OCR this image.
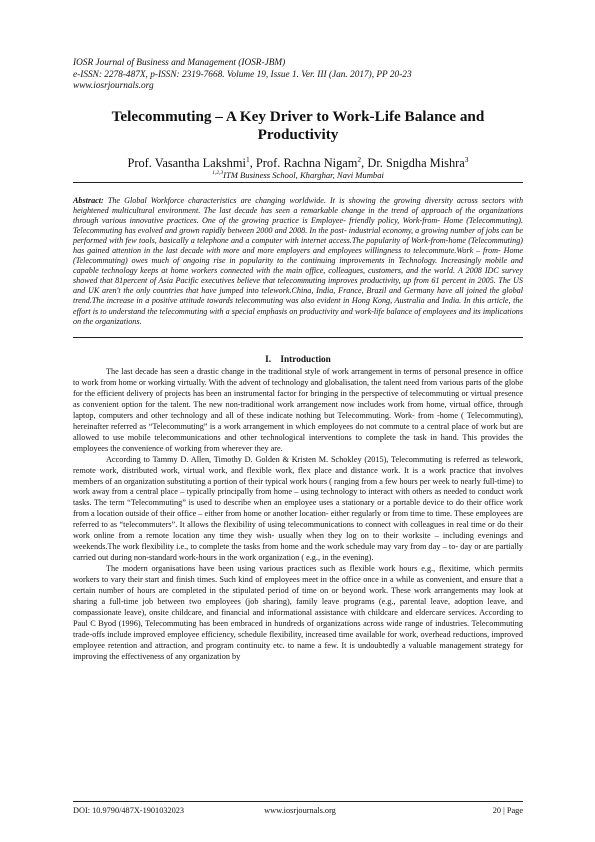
IOSR Journal of Business and Management (IOSR-JBM)
e-ISSN: 2278-487X, p-ISSN: 2319-7668. Volume 19, Issue 1. Ver. III (Jan. 2017), PP 20-23
www.iosrjournals.org
Telecommuting – A Key Driver to Work-Life Balance and Productivity
Prof. Vasantha Lakshmi$^1$, Prof. Rachna Nigam$^2$, Dr. Snigdha Mishra$^3$
$^{1,2,3}$ITM Business School, Kharghar, Navi Mumbai
Abstract: The Global Workforce characteristics are changing worldwide. It is showing the growing diversity across sectors with heightened multicultural environment. The last decade has seen a remarkable change in the trend of approach of the organizations through various innovative practices. One of the growing practice is Employee- friendly policy, Work-from- Home (Telecommuting). Telecommuting has evolved and grown rapidly between 2000 and 2008. In the post- industrial economy, a growing number of jobs can be performed with few tools, basically a telephone and a computer with internet access.The popularity of Work-from-home (Telecommuting) has gained attention in the last decade with more and more employers and employees willingness to telecommute.Work – from- Home (Telecommuting) owes much of ongoing rise in popularity to the continuing improvements in Technology. Increasingly mobile and capable technology keeps at home workers connected with the main office, colleagues, customers, and the world. A 2008 IDC survey showed that 81percent of Asia Pacific executives believe that telecommuting improves productivity, up from 61 percent in 2005. The US and UK aren't the only countries that have jumped into telework.China, India, France, Brazil and Germany have all joined the global trend.The increase in a positive attitude towards telecommuting was also evident in Hong Kong, Australia and India. In this article, the effort is to understand the telecommuting with a special emphasis on productivity and work-life balance of employees and its implications on the organizations.
I. Introduction

The last decade has seen a drastic change in the traditional style of work arrangement in terms of personal presence in office to work from home or working virtually. With the advent of technology and globalisation, the talent need from various parts of the globe for the efficient delivery of projects has been an instrumental factor for bringing in the perspective of telecommuting or virtual presence as convenient option for the talent. The new non-traditional work arrangement now includes work from home, virtual office, through laptop, computers and other technology and all of these indicate nothing but Telecommuting. Work- from -home ( Telecommuting), hereinafter referred as “Telecommuting” is a work arrangement in which employees do not commute to a central place of work but are allowed to use mobile telecommunications and other technological interventions to complete the task in hand. This provides the employees the convenience of working from wherever they are.

According to Tammy D. Allen, Timothy D. Golden & Kristen M. Schokley (2015), Telecommuting is referred as telework, remote work, distributed work, virtual work, and flexible work, flex place and distance work. It is a work practice that involves members of an organization substituting a portion of their typical work hours ( ranging from a few hours per week to nearly full-time) to work away from a central place – typically principally from home – using technology to interact with others as needed to conduct work tasks. The term “Telecommuting” is used to describe when an employee uses a stationary or a portable device to do their office work from a location outside of their office – either from home or another location- either regularly or from time to time. These employees are referred to as “telecommuters”. It allows the flexibility of using telecommunications to connect with colleagues in real time or do their work online from a remote location any time they wish- usually when they log on to their worksite – including evenings and weekends.The work flexibility i.e., to complete the tasks from home and the work schedule may vary from day – to- day or are partially carried out during non-standard work-hours in the work organization ( e.g., in the evening).

The modern organisations have been using various practices such as flexible work hours e.g., flexitime, which permits workers to vary their start and finish times. Such kind of employees meet in the office once in a while as convenient, and ensure that a certain number of hours are completed in the stipulated period of time on or beyond work. These work arrangements may look at sharing a full-time job between two employees (job sharing), family leave programs (e.g., parental leave, adoption leave, and compassionate leave), onsite childcare, and financial and informational assistance with childcare and eldercare services. According to Paul C Byod (1996), Telecommuting has been embraced in hundreds of organizations across wide range of industries. Telecommuting trade-offs include improved employee efficiency, schedule flexibility, increased time available for work, overhead reductions, improved employee retention and attraction, and program continuity etc. to name a few. It is undoubtedly a valuable management strategy for improving the effectiveness of any organization by

DOI: 10.9790/487X-1901032023	www.iosrjournals.org	20 | Page
